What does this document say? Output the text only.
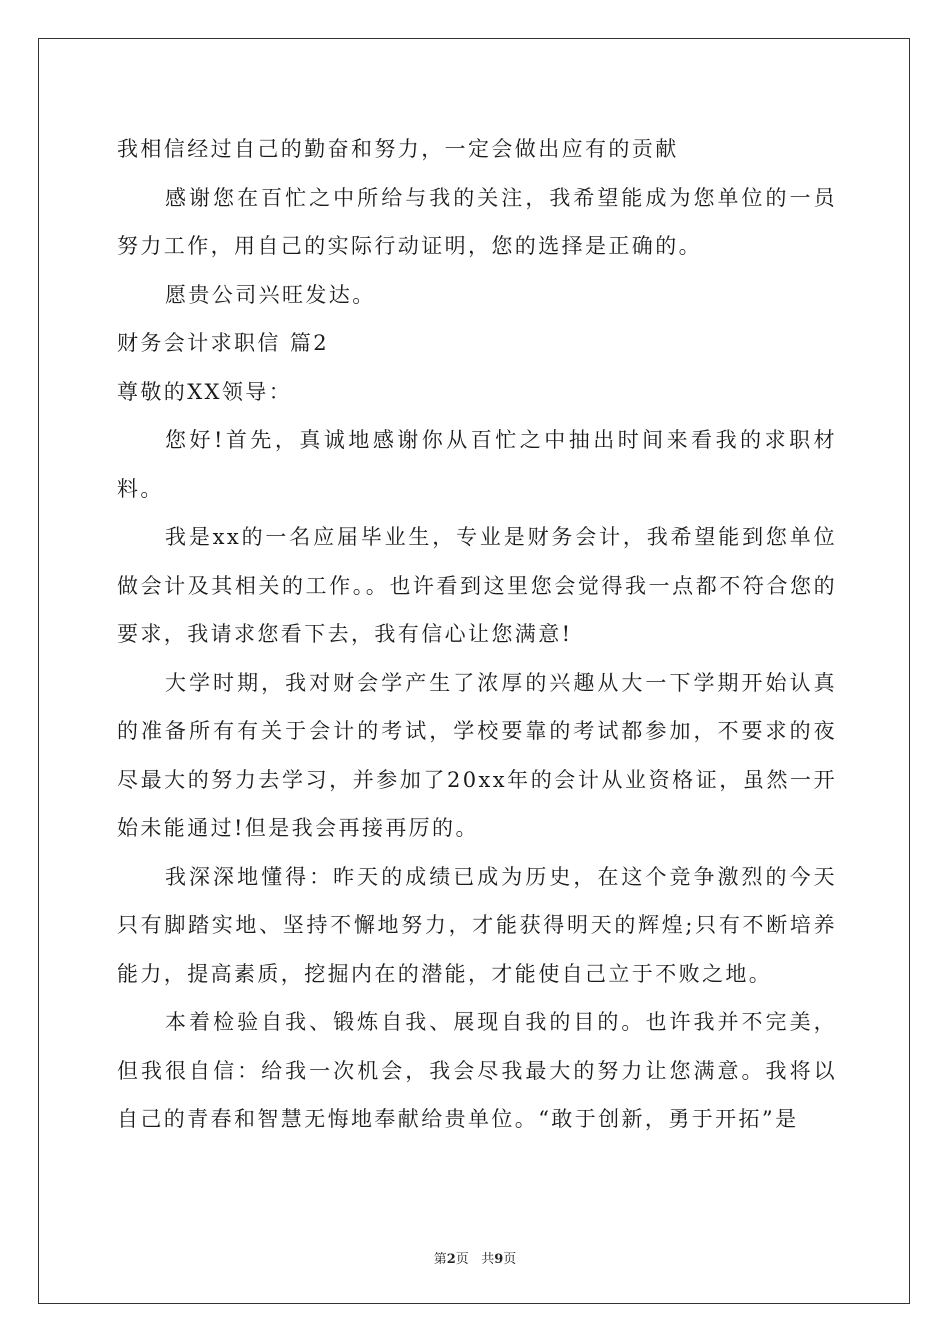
我相信经过自己的勤奋和努力，一定会做出应有的贡献

感谢您在百忙之中所给与我的关注，我希望能成为您单位的一员努力工作，用自己的实际行动证明，您的选择是正确的。

愿贵公司兴旺发达。

财务会计求职信 篇2

尊敬的XX领导：

您好!首先，真诚地感谢你从百忙之中抽出时间来看我的求职材料。

我是xx的一名应届毕业生，专业是财务会计，我希望能到您单位做会计及其相关的工作。。也许看到这里您会觉得我一点都不符合您的要求，我请求您看下去，我有信心让您满意!

大学时期，我对财会学产生了浓厚的兴趣从大一下学期开始认真的准备所有有关于会计的考试，学校要靠的考试都参加，不要求的夜尽最大的努力去学习，并参加了20xx年的会计从业资格证，虽然一开始未能通过!但是我会再接再厉的。

我深深地懂得：昨天的成绩已成为历史，在这个竞争激烈的今天只有脚踏实地、坚持不懈地努力，才能获得明天的辉煌;只有不断培养能力，提高素质，挖掘内在的潜能，才能使自己立于不败之地。

本着检验自我、锻炼自我、展现自我的目的。也许我并不完美，但我很自信：给我一次机会，我会尽我最大的努力让您满意。我将以自己的青春和智慧无悔地奉献给贵单位。“敢于创新，勇于开拓”是

第2页 共9页
